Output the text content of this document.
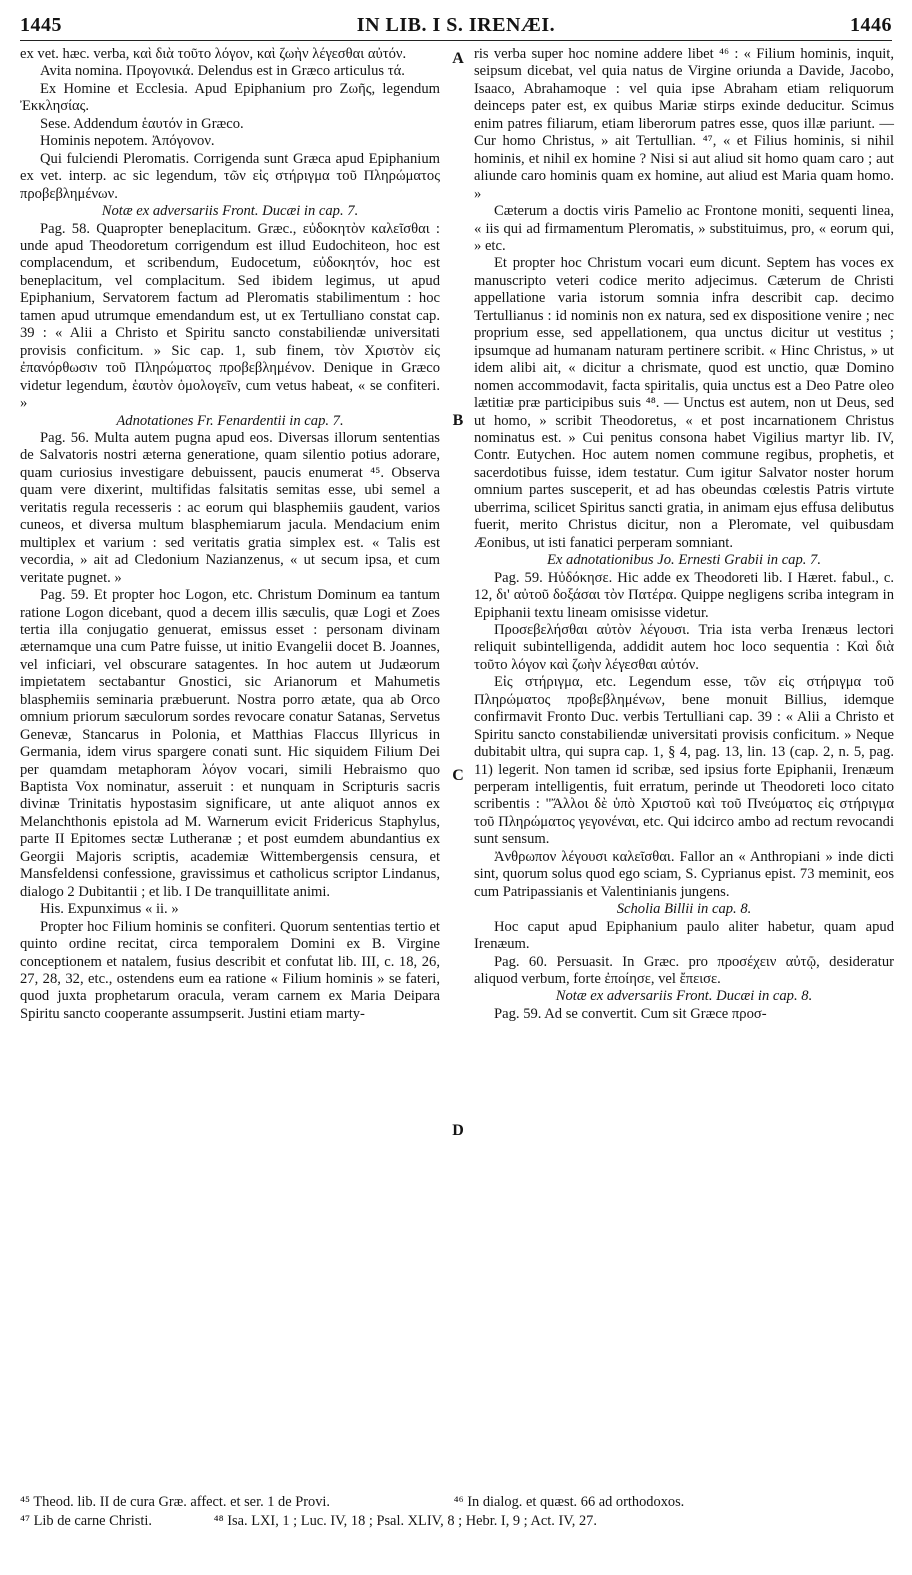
1445	IN LIB. I S. IRENÆI.	1446
A
B
C
D

ex vet. hæc. verba, καὶ διὰ τοῦτο λόγον, καὶ ζωὴν λέγεσθαι αὐτόν.

Avita nomina. Προγονικά. Delendus est in Græco articulus τά.

Ex Homine et Ecclesia. Apud Epiphanium pro Ζωῆς, legendum Ἐκκλησίας.

Sese. Addendum ἑαυτόν in Græco.

Hominis nepotem. Ἀπόγονον.

Qui fulciendi Pleromatis. Corrigenda sunt Græca apud Epiphanium ex vet. interp. ac sic legendum, τῶν εἰς στήριγμα τοῦ Πληρώματος προβεβλημένων.

Notæ ex adversariis Front. Ducæi in cap. 7.

Pag. 58. Quapropter beneplacitum. Græc., εὐδοκητὸν καλεῖσθαι : unde apud Theodoretum corrigendum est illud Eudochiteon, hoc est complacendum, et scribendum, Eudocetum, εὐδοκητόν, hoc est beneplacitum, vel complacitum. Sed ibidem legimus, ut apud Epiphanium, Servatorem factum ad Pleromatis stabilimentum : hoc tamen apud utrumque emendandum est, ut ex Tertulliano constat cap. 39 : « Alii a Christo et Spiritu sancto constabiliendæ universitati provisis conficitum. » Sic cap. 1, sub finem, τὸν Χριστὸν εἰς ἐπανόρθωσιν τοῦ Πληρώματος προβεβλημένον. Denique in Græco videtur legendum, ἑαυτὸν ὁμολογεῖν, cum vetus habeat, « se confiteri. »

Adnotationes Fr. Fenardentii in cap. 7.

Pag. 56. Multa autem pugna apud eos. Diversas illorum sententias de Salvatoris nostri æterna generatione, quam silentio potius adorare, quam curiosius investigare debuissent, paucis enumerat ⁴⁵. Observa quam vere dixerint, multifidas falsitatis semitas esse, ubi semel a veritatis regula recesseris : ac eorum qui blasphemiis gaudent, varios cuneos, et diversa multum blasphemiarum jacula. Mendacium enim multiplex et varium : sed veritatis gratia simplex est. « Talis est vecordia, » ait ad Cledonium Nazianzenus, « ut secum ipsa, et cum veritate pugnet. »

Pag. 59. Et propter hoc Logon, etc. Christum Dominum ea tantum ratione Logon dicebant, quod a decem illis sæculis, quæ Logi et Zoes tertia illa conjugatio genuerat, emissus esset : personam divinam æternamque una cum Patre fuisse, ut initio Evangelii docet B. Joannes, vel inficiari, vel obscurare satagentes. In hoc autem ut Judæorum impietatem sectabantur Gnostici, sic Arianorum et Mahumetis blasphemiis seminaria præbuerunt. Nostra porro ætate, qua ab Orco omnium priorum sæculorum sordes revocare conatur Satanas, Servetus Genevæ, Stancarus in Polonia, et Matthias Flaccus Illyricus in Germania, idem virus spargere conati sunt. Hic siquidem Filium Dei per quamdam metaphoram λόγον vocari, simili Hebraismo quo Baptista Vox nominatur, asseruit : et nunquam in Scripturis sacris divinæ Trinitatis hypostasim significare, ut ante aliquot annos ex Melanchthonis epistola ad M. Warnerum evicit Fridericus Staphylus, parte II Epitomes sectæ Lutheranæ ; et post eumdem abundantius ex Georgii Majoris scriptis, academiæ Wittembergensis censura, et Mansfeldensi confessione, gravissimus et catholicus scriptor Lindanus, dialogo 2 Dubitantii ; et lib. I De tranquillitate animi.

His. Expunximus « ii. »

Propter hoc Filium hominis se confiteri. Quorum sententias tertio et quinto ordine recitat, circa temporalem Domini ex B. Virgine conceptionem et natalem, fusius describit et confutat lib. III, c. 18, 26, 27, 28, 32, etc., ostendens eum ea ratione « Filium hominis » se fateri, quod juxta prophetarum oracula, veram carnem ex Maria Deipara Spiritu sancto cooperante assumpserit. Justini etiam marty-

ris verba super hoc nomine addere libet ⁴⁶ : « Filium hominis, inquit, seipsum dicebat, vel quia natus de Virgine oriunda a Davide, Jacobo, Isaaco, Abrahamoque : vel quia ipse Abraham etiam reliquorum deinceps pater est, ex quibus Mariæ stirps exinde deducitur. Scimus enim patres filiarum, etiam liberorum patres esse, quos illæ pariunt. — Cur homo Christus, » ait Tertullian. ⁴⁷, « et Filius hominis, si nihil hominis, et nihil ex homine ? Nisi si aut aliud sit homo quam caro ; aut aliunde caro hominis quam ex homine, aut aliud est Maria quam homo. »

Cæterum a doctis viris Pamelio ac Frontone moniti, sequenti linea, « iis qui ad firmamentum Pleromatis, » substituimus, pro, « eorum qui, » etc.

Et propter hoc Christum vocari eum dicunt. Septem has voces ex manuscripto veteri codice merito adjecimus. Cæterum de Christi appellatione varia istorum somnia infra describit cap. decimo Tertullianus : id nominis non ex natura, sed ex dispositione venire ; nec proprium esse, sed appellationem, qua unctus dicitur ut vestitus ; ipsumque ad humanam naturam pertinere scribit. « Hinc Christus, » ut idem alibi ait, « dicitur a chrismate, quod est unctio, quæ Domino nomen accommodavit, facta spiritalis, quia unctus est a Deo Patre oleo lætitiæ præ participibus suis ⁴⁸. — Unctus est autem, non ut Deus, sed ut homo, » scribit Theodoretus, « et post incarnationem Christus nominatus est. » Cui penitus consona habet Vigilius martyr lib. IV, Contr. Eutychen. Hoc autem nomen commune regibus, prophetis, et sacerdotibus fuisse, idem testatur. Cum igitur Salvator noster horum omnium partes susceperit, et ad has obeundas cœlestis Patris virtute uberrima, scilicet Spiritus sancti gratia, in animam ejus effusa delibutus fuerit, merito Christus dicitur, non a Pleromate, vel quibusdam Æonibus, ut isti fanatici perperam somniant.

Ex adnotationibus Jo. Ernesti Grabii in cap. 7.

Pag. 59. Ηὐδόκησε. Hic adde ex Theodoreti lib. I Hæret. fabul., c. 12, δι' αὐτοῦ δοξάσαι τὸν Πατέρα. Quippe negligens scriba integram in Epiphanii textu lineam omisisse videtur.

Προσεβελήσθαι αὐτὸν λέγουσι. Tria ista verba Irenæus lectori reliquit subintelligenda, addidit autem hoc loco sequentia : Καὶ διὰ τοῦτο λόγον καὶ ζωὴν λέγεσθαι αὐτόν.

Εἰς στήριγμα, etc. Legendum esse, τῶν εἰς στήριγμα τοῦ Πληρώματος προβεβλημένων, bene monuit Billius, idemque confirmavit Fronto Duc. verbis Tertulliani cap. 39 : « Alii a Christo et Spiritu sancto constabiliendæ universitati provisis conficitum. » Neque dubitabit ultra, qui supra cap. 1, § 4, pag. 13, lin. 13 (cap. 2, n. 5, pag. 11) legerit. Non tamen id scribæ, sed ipsius forte Epiphanii, Irenæum perperam intelligentis, fuit erratum, perinde ut Theodoreti loco citato scribentis : "Ἄλλοι δὲ ὑπὸ Χριστοῦ καὶ τοῦ Πνεύματος εἰς στήριγμα τοῦ Πληρώματος γεγονέναι, etc. Qui idcirco ambo ad rectum revocandi sunt sensum.

Ἀνθρωπον λέγουσι καλεῖσθαι. Fallor an « Anthropiani » inde dicti sint, quorum solus quod ego sciam, S. Cyprianus epist. 73 meminit, eos cum Patripassianis et Valentinianis jungens.

Scholia Billii in cap. 8.

Hoc caput apud Epiphanium paulo aliter habetur, quam apud Irenæum.

Pag. 60. Persuasit. In Græc. pro προσέχειν αὐτῷ, desideratur aliquod verbum, forte ἐποίησε, vel ἔπεισε.

Notæ ex adversariis Front. Ducæi in cap. 8.

Pag. 59. Ad se convertit. Cum sit Græce προσ-

⁴⁵ Theod. lib. II de cura Græ. affect. et ser. 1 de Provi.	⁴⁶ In dialog. et quæst. 66 ad orthodoxos.
⁴⁷ Lib de carne Christi.	⁴⁸ Isa. LXI, 1 ; Luc. IV, 18 ; Psal. XLIV, 8 ; Hebr. I, 9 ; Act. IV, 27.
